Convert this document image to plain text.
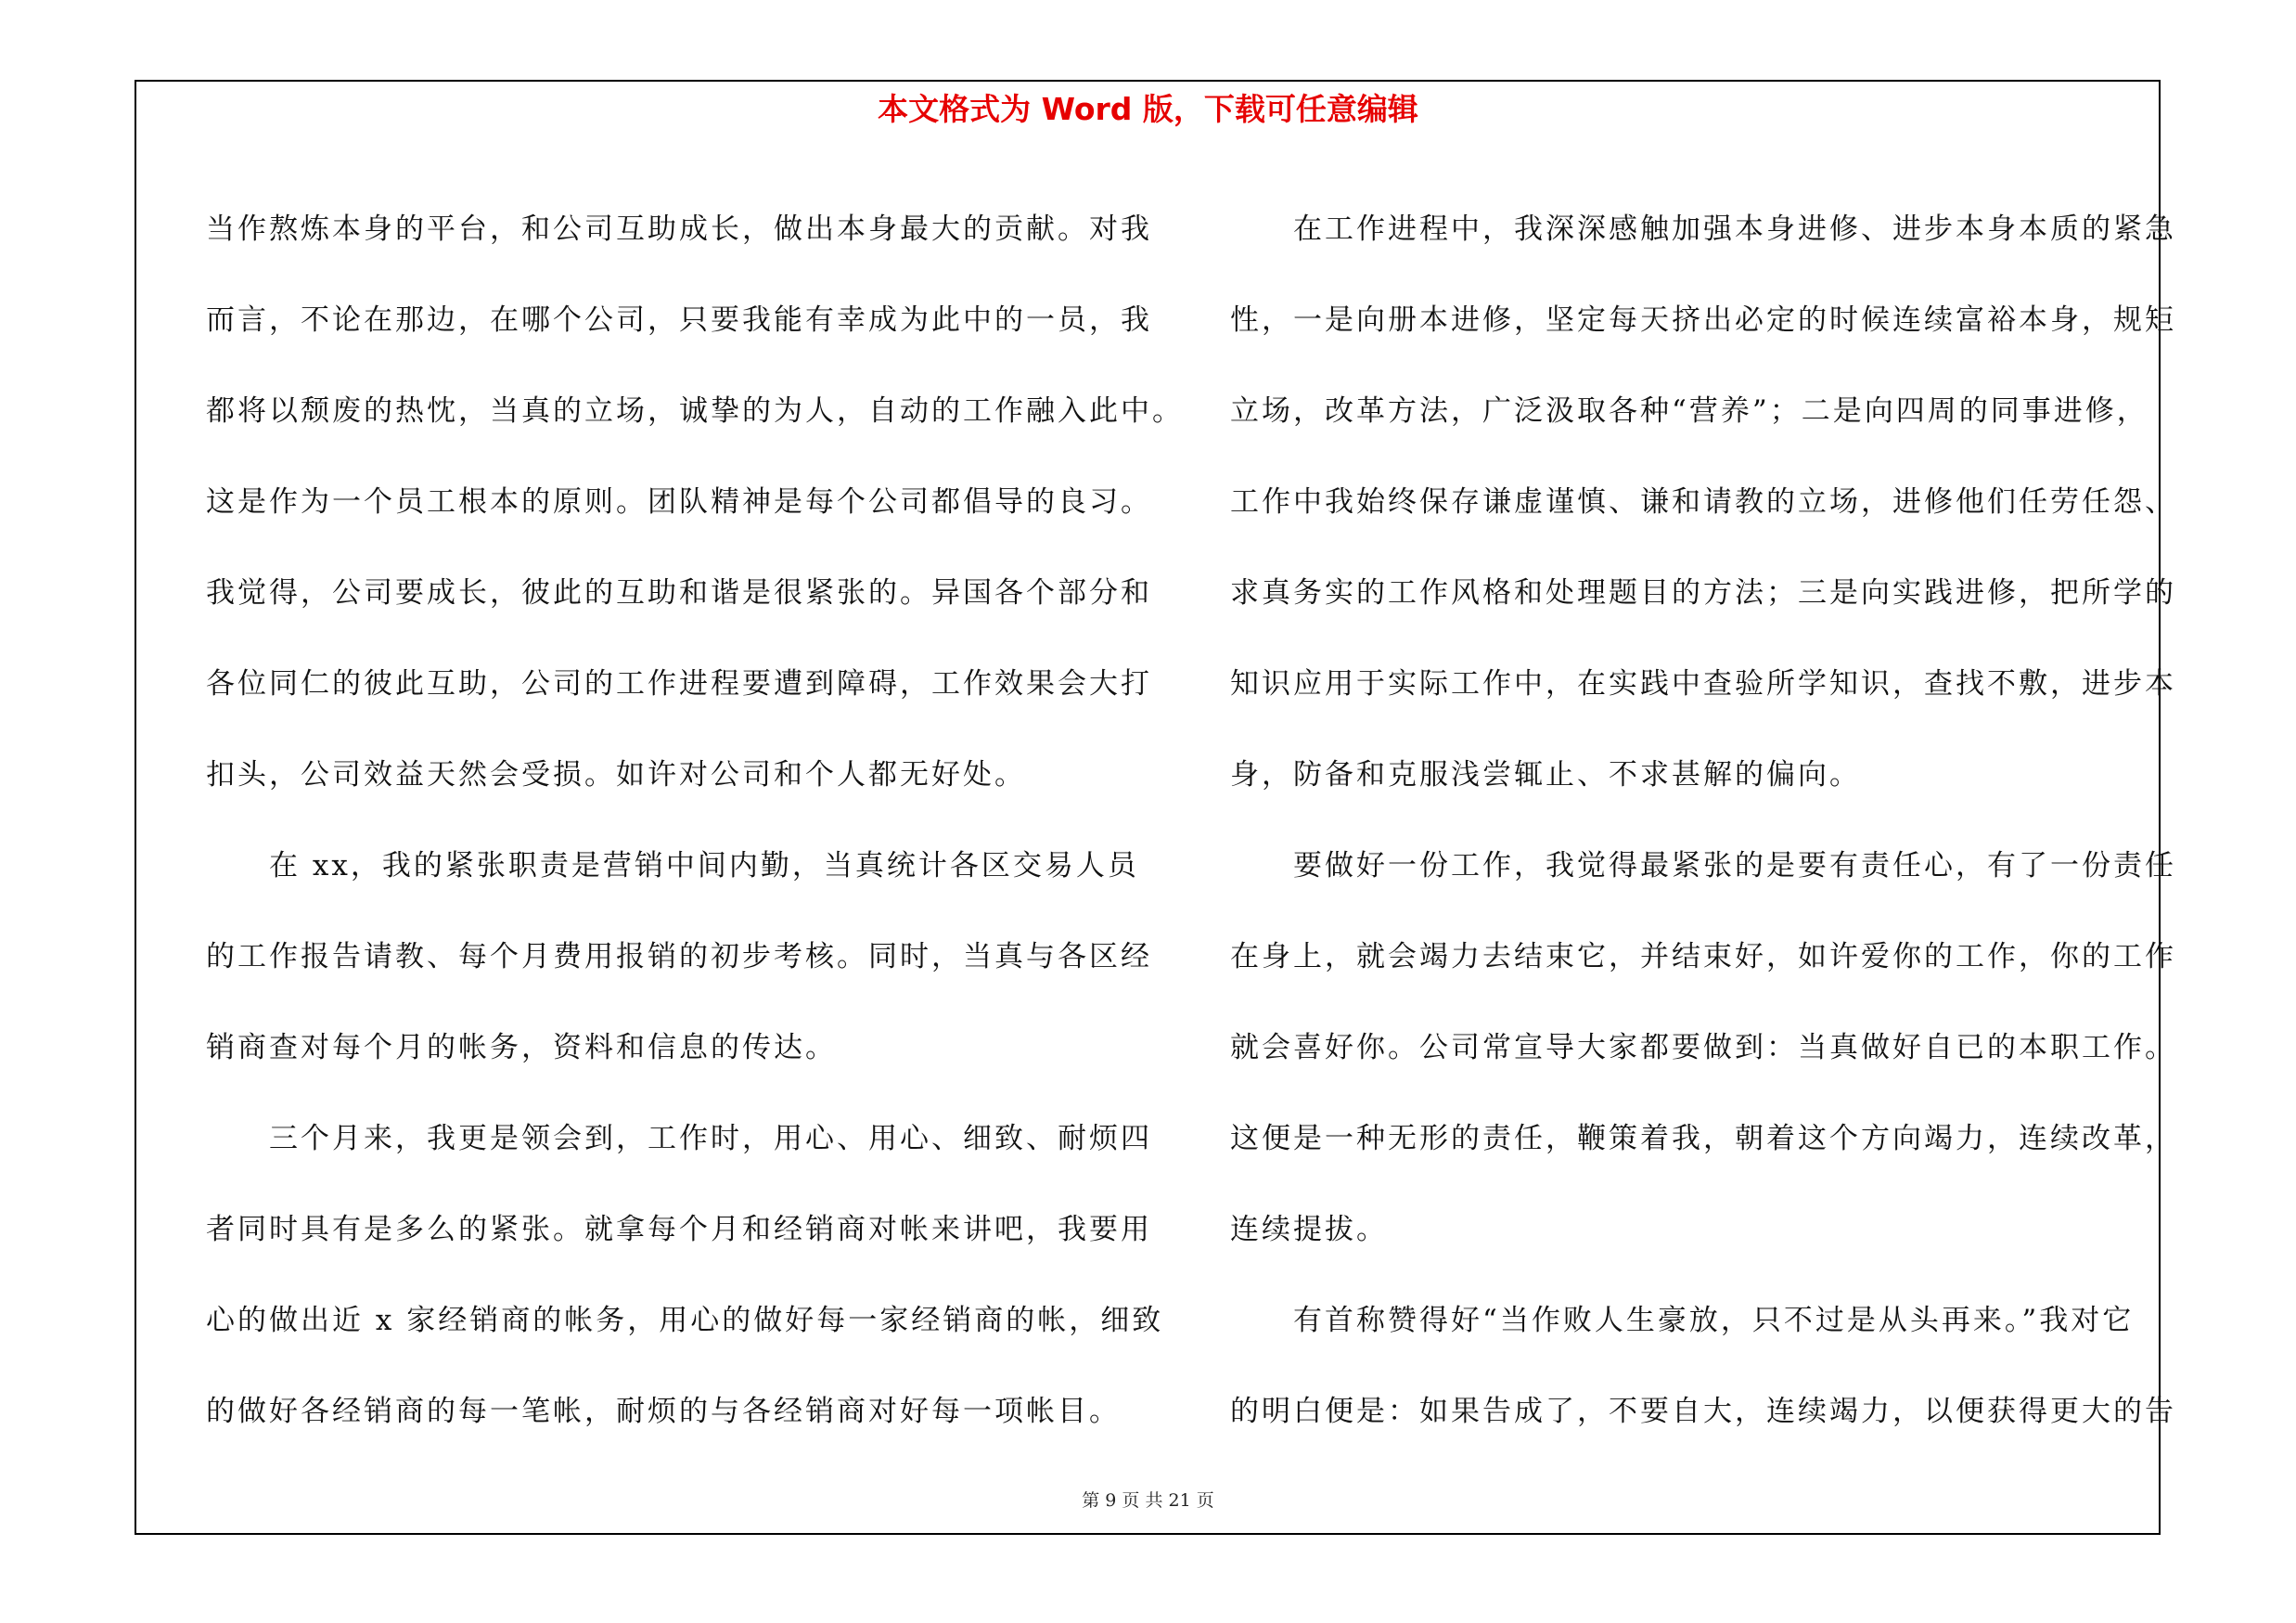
本文格式为 Word 版，下载可任意编辑
当作熬炼本身的平台，和公司互助成长，做出本身最大的贡献。对我
而言，不论在那边，在哪个公司，只要我能有幸成为此中的一员，我
都将以颓废的热忱，当真的立场，诚挚的为人，自动的工作融入此中。
这是作为一个员工根本的原则。团队精神是每个公司都倡导的良习。
我觉得，公司要成长，彼此的互助和谐是很紧张的。异国各个部分和
各位同仁的彼此互助，公司的工作进程要遭到障碍，工作效果会大打
扣头，公司效益天然会受损。如许对公司和个人都无好处。
　　在 xx，我的紧张职责是营销中间内勤，当真统计各区交易人员
的工作报告请教、每个月费用报销的初步考核。同时，当真与各区经
销商查对每个月的帐务，资料和信息的传达。
　　三个月来，我更是领会到，工作时，用心、用心、细致、耐烦四
者同时具有是多么的紧张。就拿每个月和经销商对帐来讲吧，我要用
心的做出近 x 家经销商的帐务，用心的做好每一家经销商的帐，细致
的做好各经销商的每一笔帐，耐烦的与各经销商对好每一项帐目。
　　在工作进程中，我深深感触加强本身进修、进步本身本质的紧急
性，一是向册本进修，坚定每天挤出必定的时候连续富裕本身，规矩
立场，改革方法，广泛汲取各种“营养”；二是向四周的同事进修，
工作中我始终保存谦虚谨慎、谦和请教的立场，进修他们任劳任怨、
求真务实的工作风格和处理题目的方法；三是向实践进修，把所学的
知识应用于实际工作中，在实践中查验所学知识，查找不敷，进步本
身，防备和克服浅尝辄止、不求甚解的偏向。
　　要做好一份工作，我觉得最紧张的是要有责任心，有了一份责任
在身上，就会竭力去结束它，并结束好，如许爱你的工作，你的工作
就会喜好你。公司常宣导大家都要做到：当真做好自已的本职工作。
这便是一种无形的责任，鞭策着我，朝着这个方向竭力，连续改革，
连续提拔。
　　有首称赞得好“当作败人生豪放，只不过是从头再来。”我对它
的明白便是：如果告成了，不要自大，连续竭力，以便获得更大的告
第 9 页 共 21 页
